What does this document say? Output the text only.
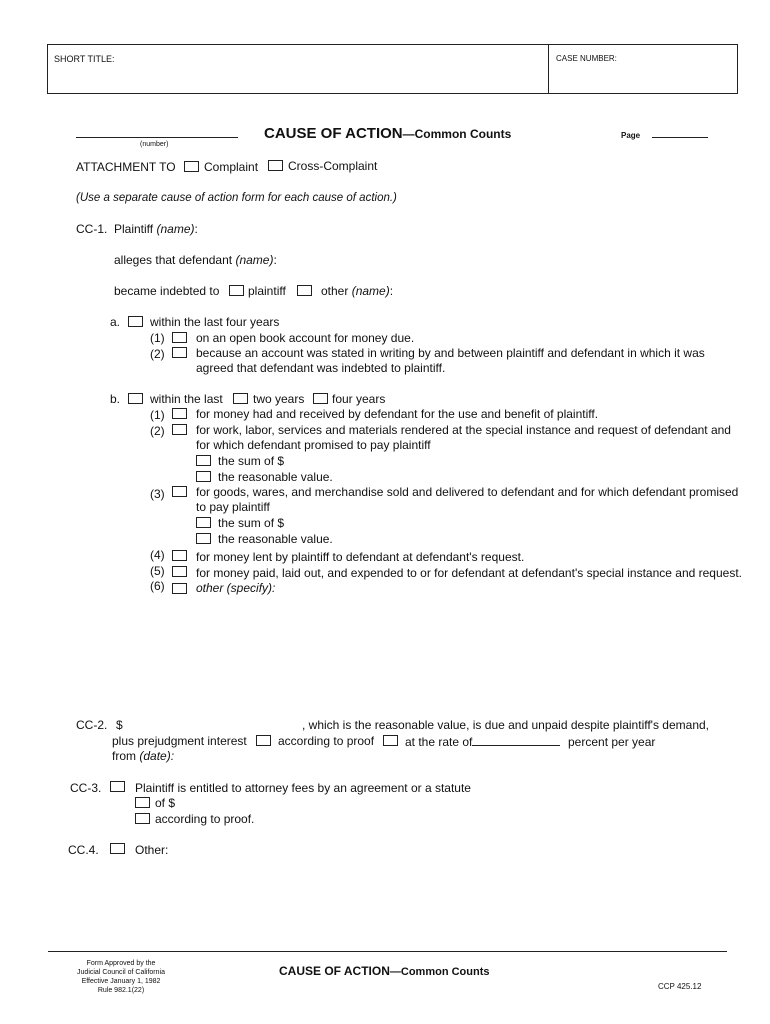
SHORT TITLE:	CASE NUMBER:
(number)
CAUSE OF ACTION—Common Counts	Page
ATTACHMENT TO Complaint Cross-Complaint
(Use a separate cause of action form for each cause of action.)
CC-1. Plaintiff (name):
alleges that defendant (name):
became indebted to plaintiff	other (name):
a. within the last four years
(1)	on an open book account for money due.
(2)	because an account was stated in writing by and between plaintiff and defendant in which it was
agreed that defendant was indebted to plaintiff.
b. within the last	two years four years
(1)	for money had and received by defendant for the use and benefit of plaintiff.
(2)	for work, labor, services and materials rendered at the special instance and request of defendant and
for which defendant promised to pay plaintiff
the sum of $
the reasonable value.
(3)	for goods, wares, and merchandise sold and delivered to defendant and for which defendant promised
to pay plaintiff
the sum of $
the reasonable value.
(4)	for money lent by plaintiff to defendant at defendant's request.
(5)	for money paid, laid out, and expended to or for defendant at defendant's special instance and request.
(6)	other (specify):
CC-2. $	, which is the reasonable value, is due and unpaid despite plaintiff's demand,
plus prejudgment interest	according to proof	at the rate of	percent per year
from (date):
CC-3.	Plaintiff is entitled to attorney fees by an agreement or a statute
of $
according to proof.
CC.4.	Other:
Form Approved by the
Judicial Council of California
Effective January 1, 1982
Rule 982.1(22)
CAUSE OF ACTION—Common Counts
CCP 425.12
